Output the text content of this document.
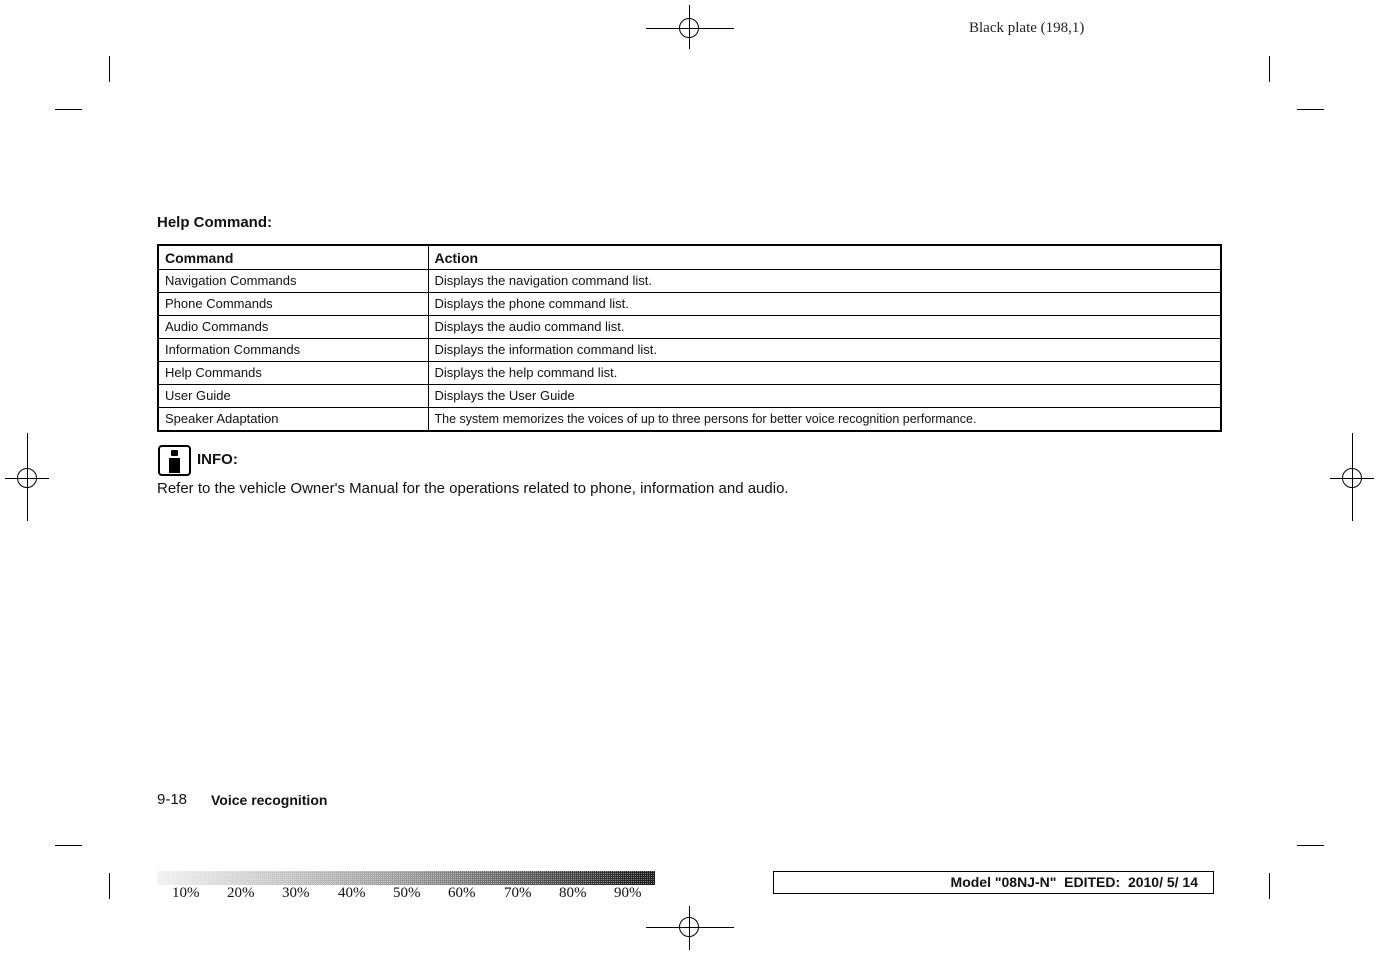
Black plate (198,1)
Help Command:
Command	Action
Navigation Commands	Displays the navigation command list.
Phone Commands	Displays the phone command list.
Audio Commands	Displays the audio command list.
Information Commands	Displays the information command list.
Help Commands	Displays the help command list.
User Guide	Displays the User Guide
Speaker Adaptation	The system memorizes the voices of up to three persons for better voice recognition performance.
INFO:
Refer to the vehicle Owner's Manual for the operations related to phone, information and audio.
9-18 Voice recognition
10% 20% 30% 40% 50% 60% 70% 80% 90%
Model "08NJ-N"  EDITED:  2010/ 5/ 14
